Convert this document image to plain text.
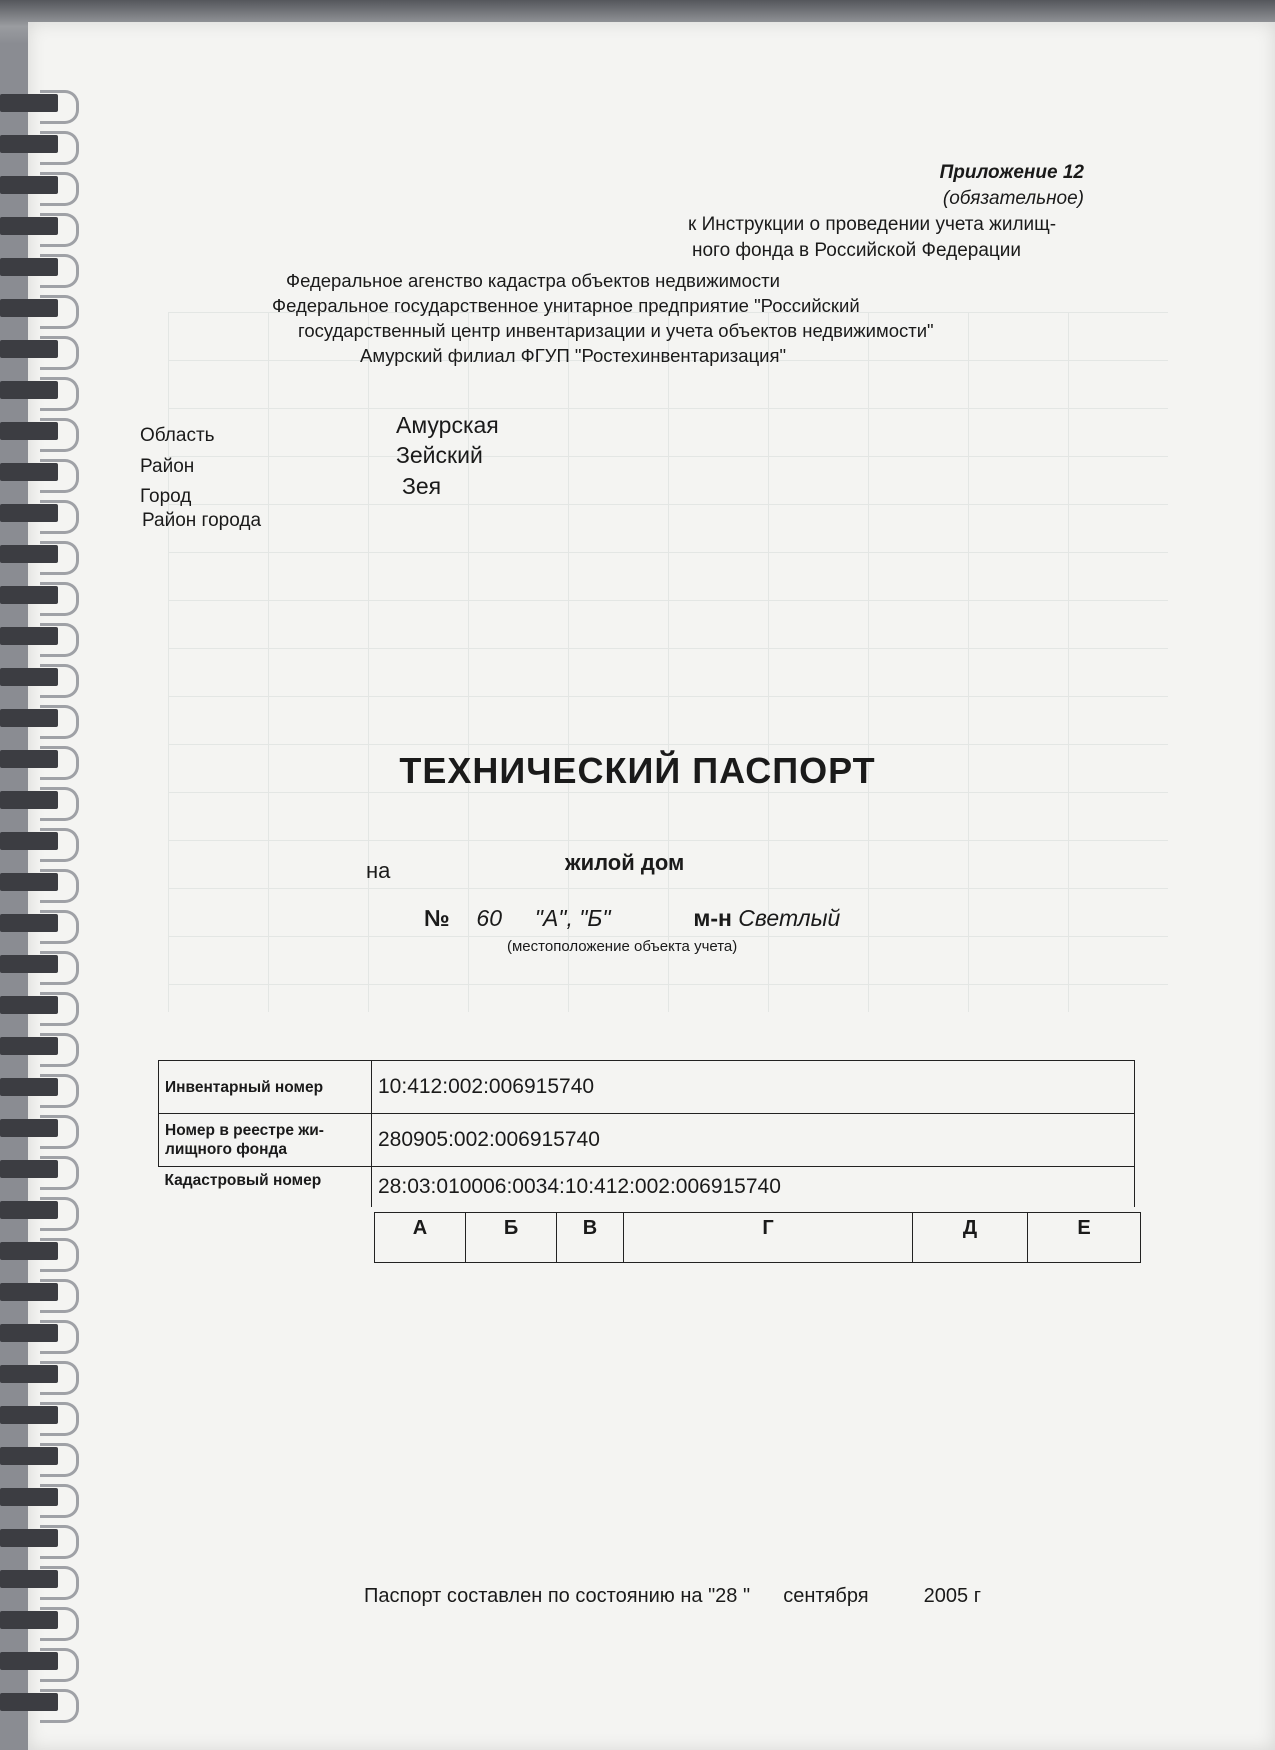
Приложение 12
(обязательное)
к Инструкции о проведении учета жилищ-
ного фонда в Российской Федерации
Федеральное агенство кадастра объектов недвижимости
Федеральное государственное унитарное предприятие "Российский
государственный центр инвентаризации и учета объектов недвижимости"
Амурский филиал ФГУП "Ростехинвентаризация"
Область	Амурская
Район	Зейский
Город	Зея
Район города
ТЕХНИЧЕСКИЙ ПАСПОРТ
на	жилой дом
№ 60 "А", "Б"	м-н Светлый
(местоположение объекта учета)
Инвентарный номер	10:412:002:006915740
Номер в реестре жи-лищного фонда	280905:002:006915740
Кадастровый номер	28:03:010006:0034:10:412:002:006915740
А	Б	В	Г	Д	Е
Паспорт составлен по состоянию на "28 " сентября	2005 г
